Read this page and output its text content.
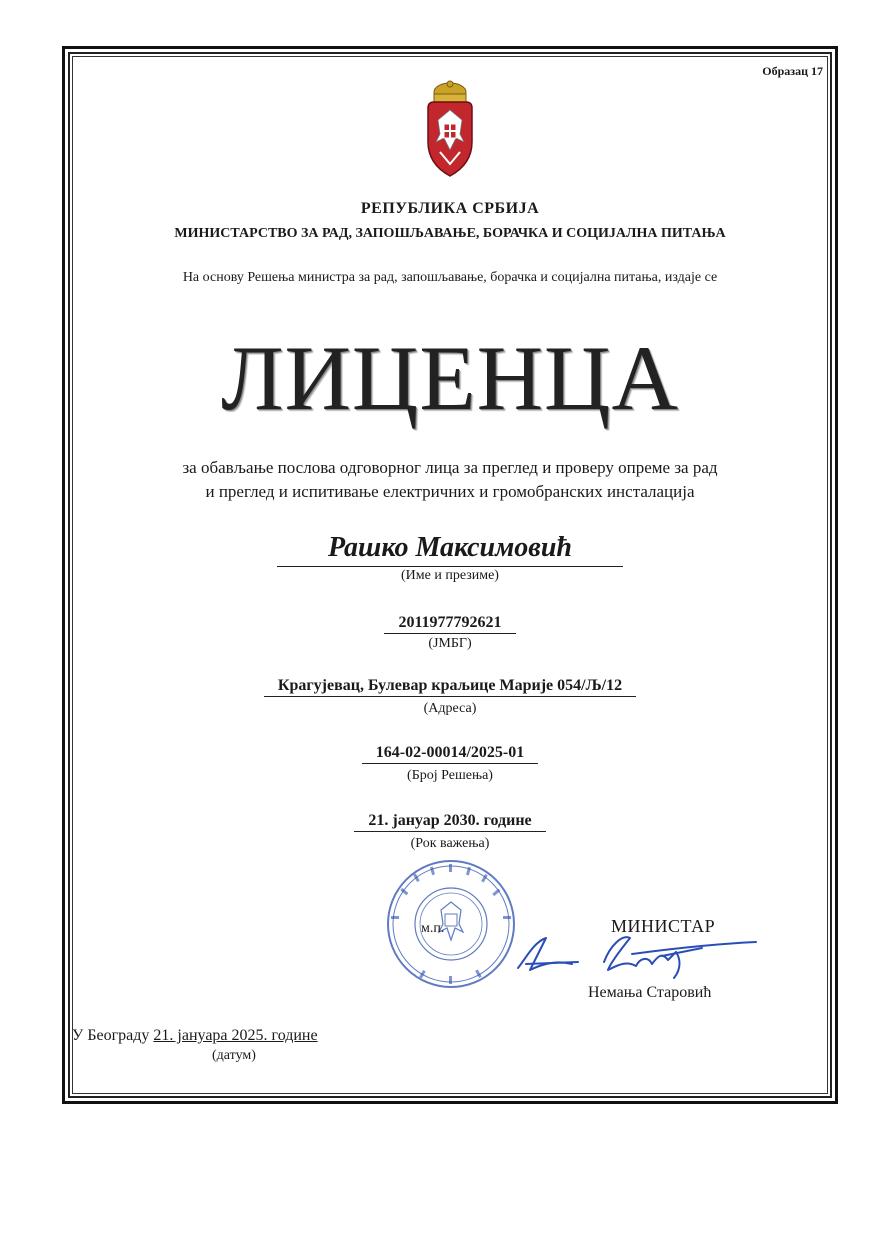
Образац 17
РЕПУБЛИКА СРБИЈА
МИНИСТАРСТВО ЗА РАД, ЗАПОШЉАВАЊЕ, БОРАЧКА И СОЦИЈАЛНА ПИТАЊА
На основу Решења министра за рад, запошљавање, борачка и социјална питања, издаје се
ЛИЦЕНЦА
за обављање послова одговорног лица за преглед и проверу опреме за рад
и преглед и испитивање електричних и громобранских инсталација
Рашко Максимовић
(Име и презиме)
2011977792621
(ЈМБГ)
Крагујевац, Булевар краљице Марије 054/Љ/12
(Адреса)
164-02-00014/2025-01
(Број Решења)
21. јануар 2030. године
(Рок важења)
м.п.	МИНИСТАР
Немања Старовић
У Београду 21. јануара 2025. године
(датум)
